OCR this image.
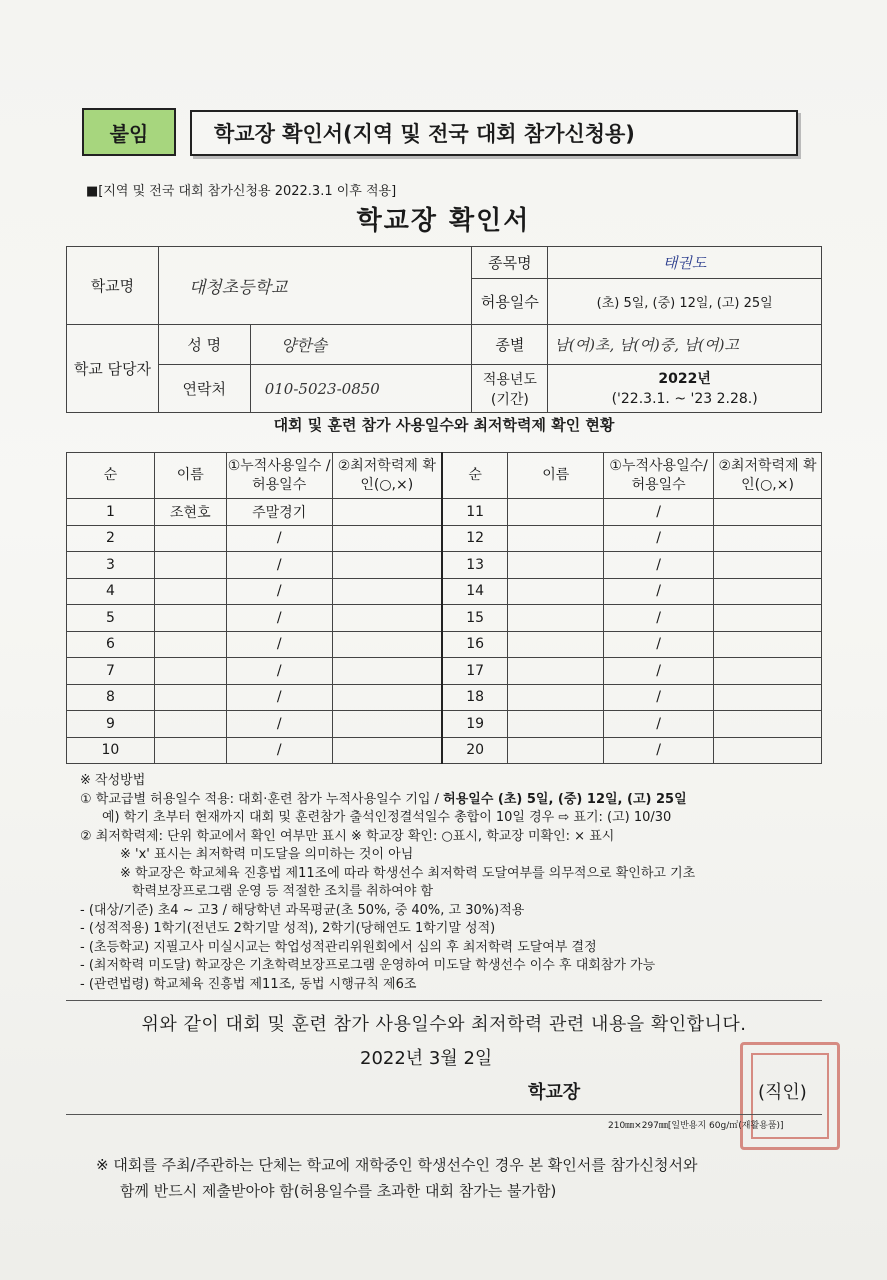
붙임	학교장 확인서(지역 및 전국 대회 참가신청용)
■[지역 및 전국 대회 참가신청용 2022.3.1 이후 적용]
학교장 확인서
학교명	대청초등학교		종목명	태권도
			허용일수	(초) 5일, (중) 12일, (고) 25일
학교 담당자	성 명	양한솔	종별	남(여)초, 남(여)중, 남(여)고
	연락처	010-5023-0850	적용년도 (기간)	2022년
('22.3.1. ~ '23 2.28.)
대회 및 훈련 참가 사용일수와 최저학력제 확인 현황
순	이름	①누적사용일수 /허용일수	②최저학력제 확인(○,×)	순	이름	①누적사용일수/ 허용일수	②최저학력제 확인(○,×)
1	조현호	주말경기		11		/	
2		/		12		/	
3		/		13		/	
4		/		14		/	
5		/		15		/	
6		/		16		/	
7		/		17		/	
8		/		18		/	
9		/		19		/	
10		/		20		/	
※ 작성방법
① 학교급별 허용일수 적용: 대회·훈련 참가 누적사용일수 기입 / 허용일수 (초) 5일, (중) 12일, (고) 25일
예) 학기 초부터 현재까지 대회 및 훈련참가 출석인정결석일수 총합이 10일 경우 ⇨ 표기: (고) 10/30
② 최저학력제: 단위 학교에서 확인 여부만 표시 ※ 학교장 확인: ○표시, 학교장 미확인: × 표시
※ 'x' 표시는 최저학력 미도달을 의미하는 것이 아님
※ 학교장은 학교체육 진흥법 제11조에 따라 학생선수 최저학력 도달여부를 의무적으로 확인하고 기초
학력보장프로그램 운영 등 적절한 조치를 취하여야 함
- (대상/기준) 초4 ~ 고3 / 해당학년 과목평균(초 50%, 중 40%, 고 30%)적용
- (성적적용) 1학기(전년도 2학기말 성적), 2학기(당해연도 1학기말 성적)
- (초등학교) 지필고사 미실시교는 학업성적관리위원회에서 심의 후 최저학력 도달여부 결정
- (최저학력 미도달) 학교장은 기초학력보장프로그램 운영하여 미도달 학생선수 이수 후 대회참가 가능
- (관련법령) 학교체육 진흥법 제11조, 동법 시행규칙 제6조
위와 같이 대회 및 훈련 참가 사용일수와 최저학력 관련 내용을 확인합니다.
2022년 3월 2일
학교장	(직인)
210㎜×297㎜[일반용지 60g/㎡(재활용품)]
※ 대회를 주최/주관하는 단체는 학교에 재학중인 학생선수인 경우 본 확인서를 참가신청서와
함께 반드시 제출받아야 함(허용일수를 초과한 대회 참가는 불가함)
